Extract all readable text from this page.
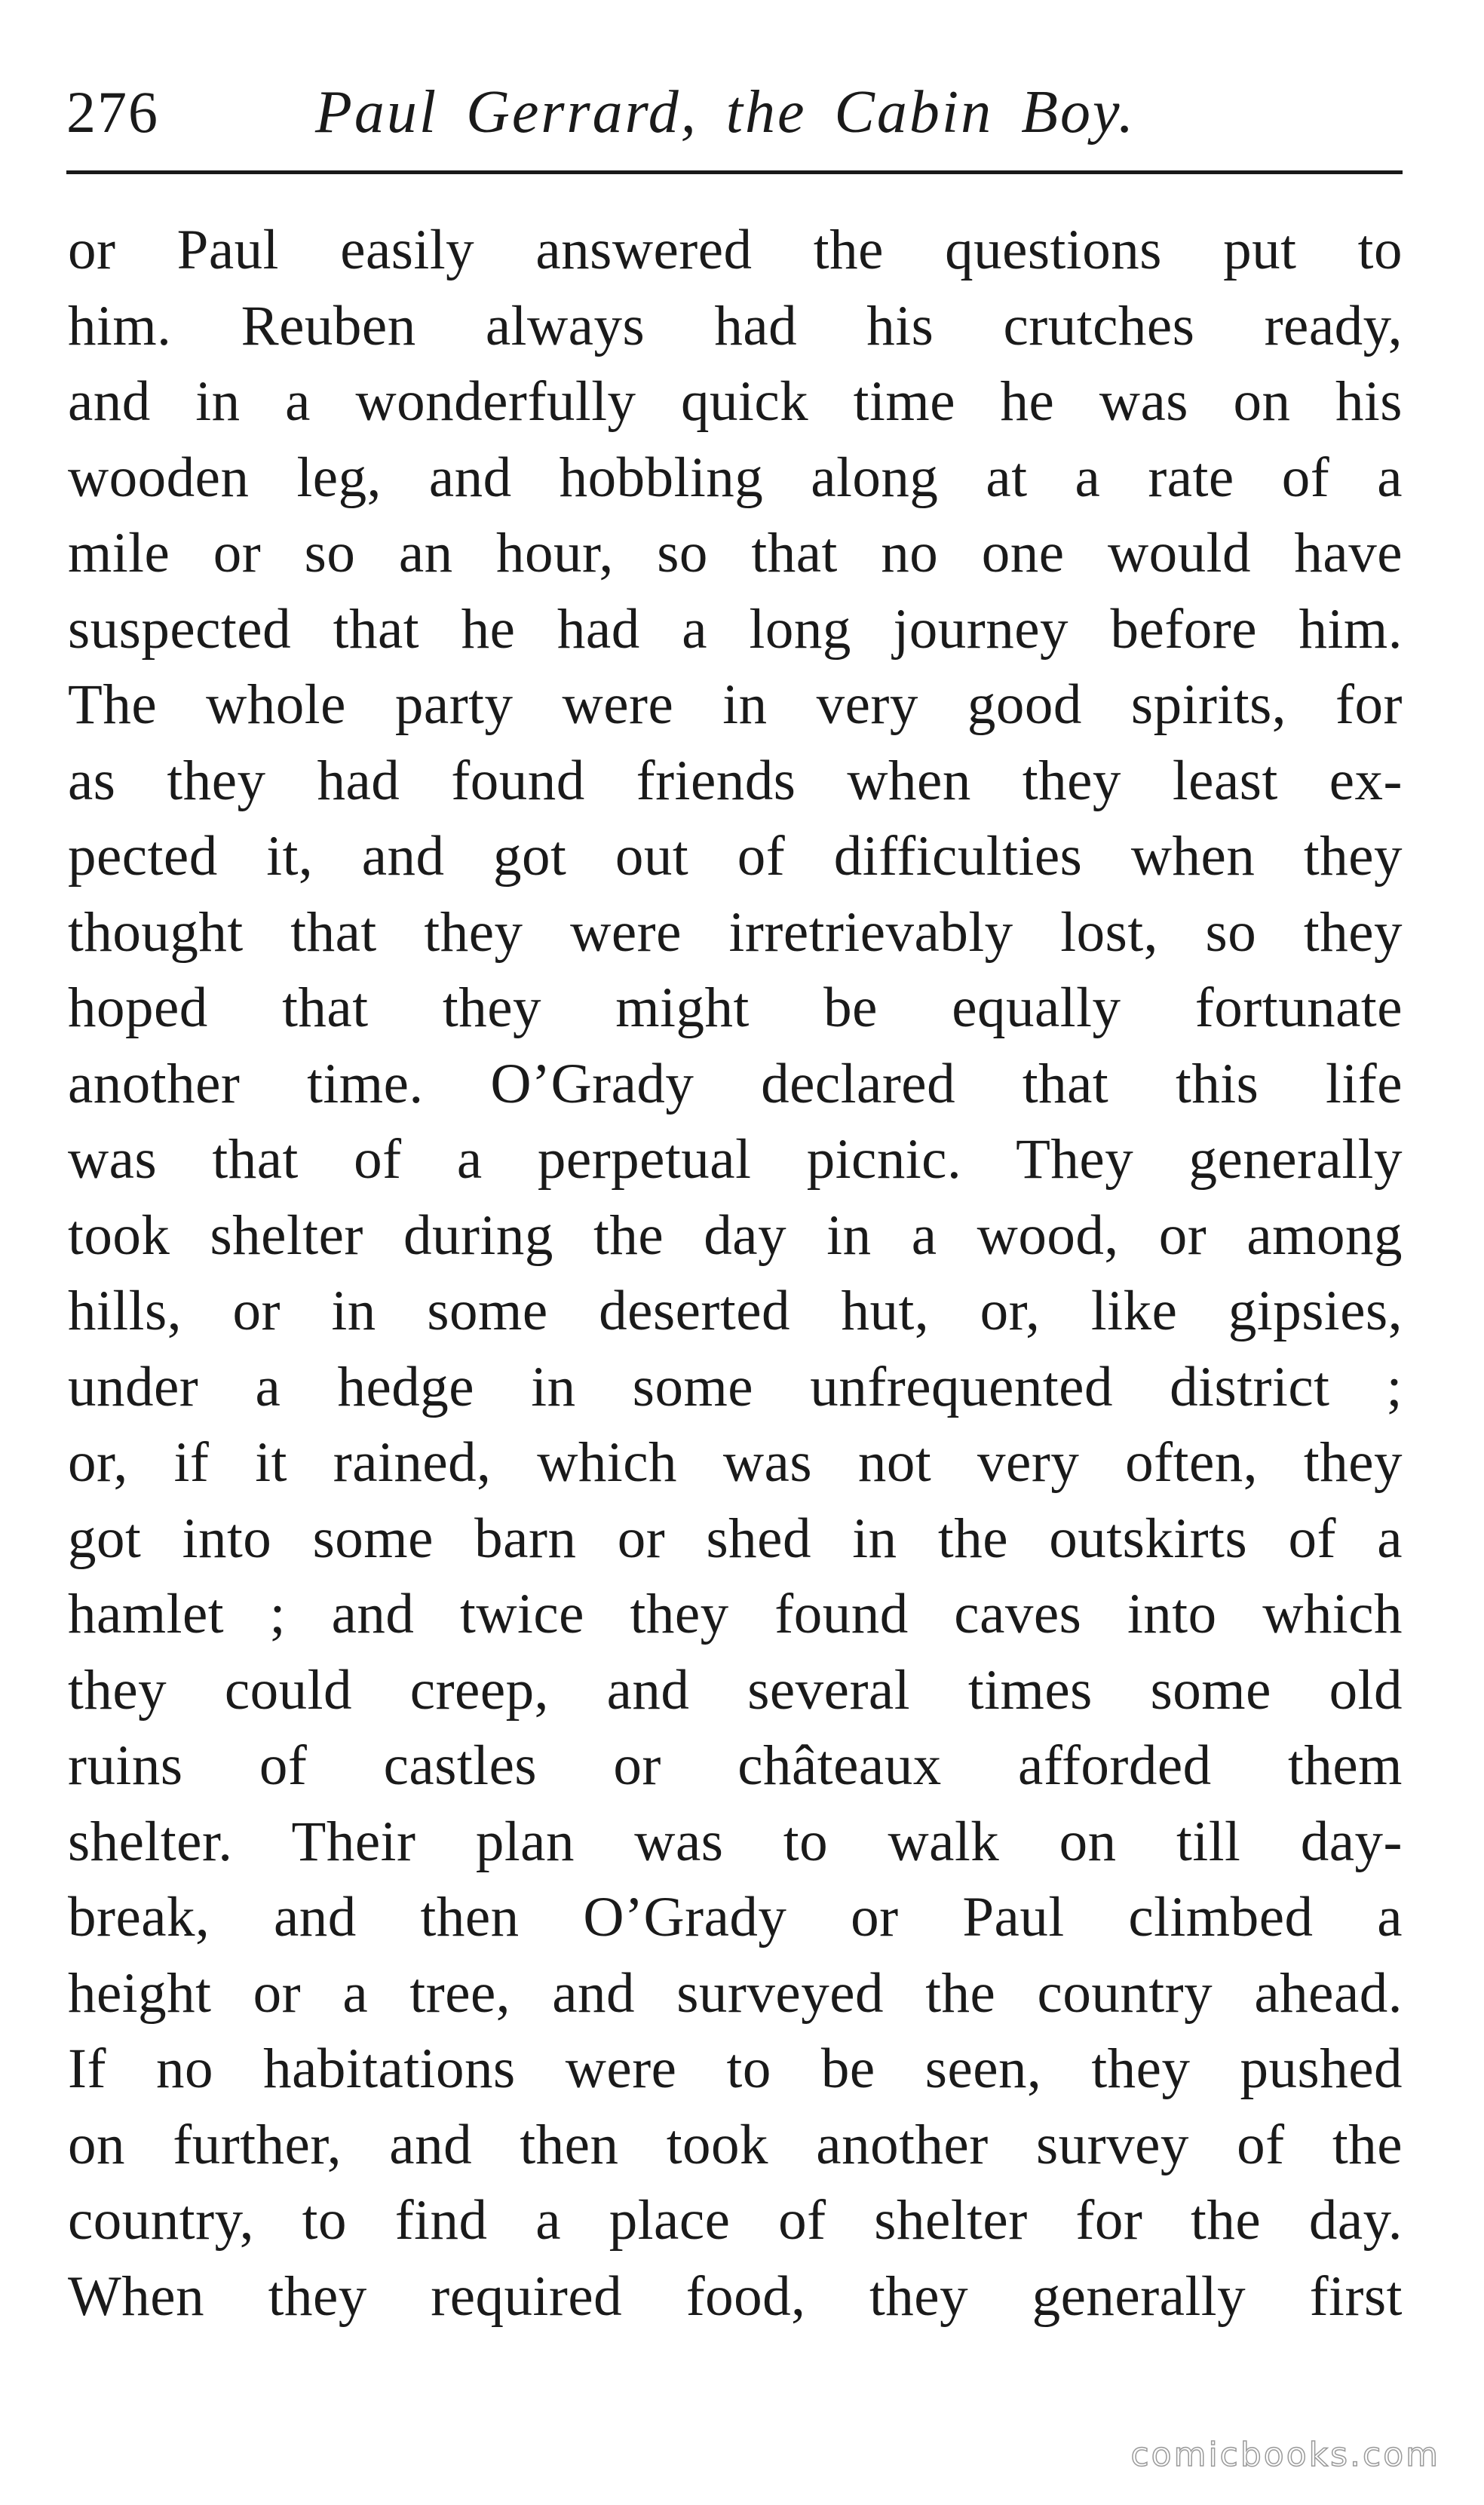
276	Paul Gerrard, the Cabin Boy.
or Paul easily answered the questions put to
him. Reuben always had his crutches ready,
and in a wonderfully quick time he was on his
wooden leg, and hobbling along at a rate of a
mile or so an hour, so that no one would have
suspected that he had a long journey before him.
The whole party were in very good spirits, for
as they had found friends when they least ex-
pected it, and got out of difficulties when they
thought that they were irretrievably lost, so they
hoped that they might be equally fortunate
another time. O’Grady declared that this life
was that of a perpetual picnic. They generally
took shelter during the day in a wood, or among
hills, or in some deserted hut, or, like gipsies,
under a hedge in some unfrequented district ;
or, if it rained, which was not very often, they
got into some barn or shed in the outskirts of a
hamlet ; and twice they found caves into which
they could creep, and several times some old
ruins of castles or châteaux afforded them
shelter. Their plan was to walk on till day-
break, and then O’Grady or Paul climbed a
height or a tree, and surveyed the country ahead.
If no habitations were to be seen, they pushed
on further, and then took another survey of the
country, to find a place of shelter for the day.
When they required food, they generally first
comicbooks.com
